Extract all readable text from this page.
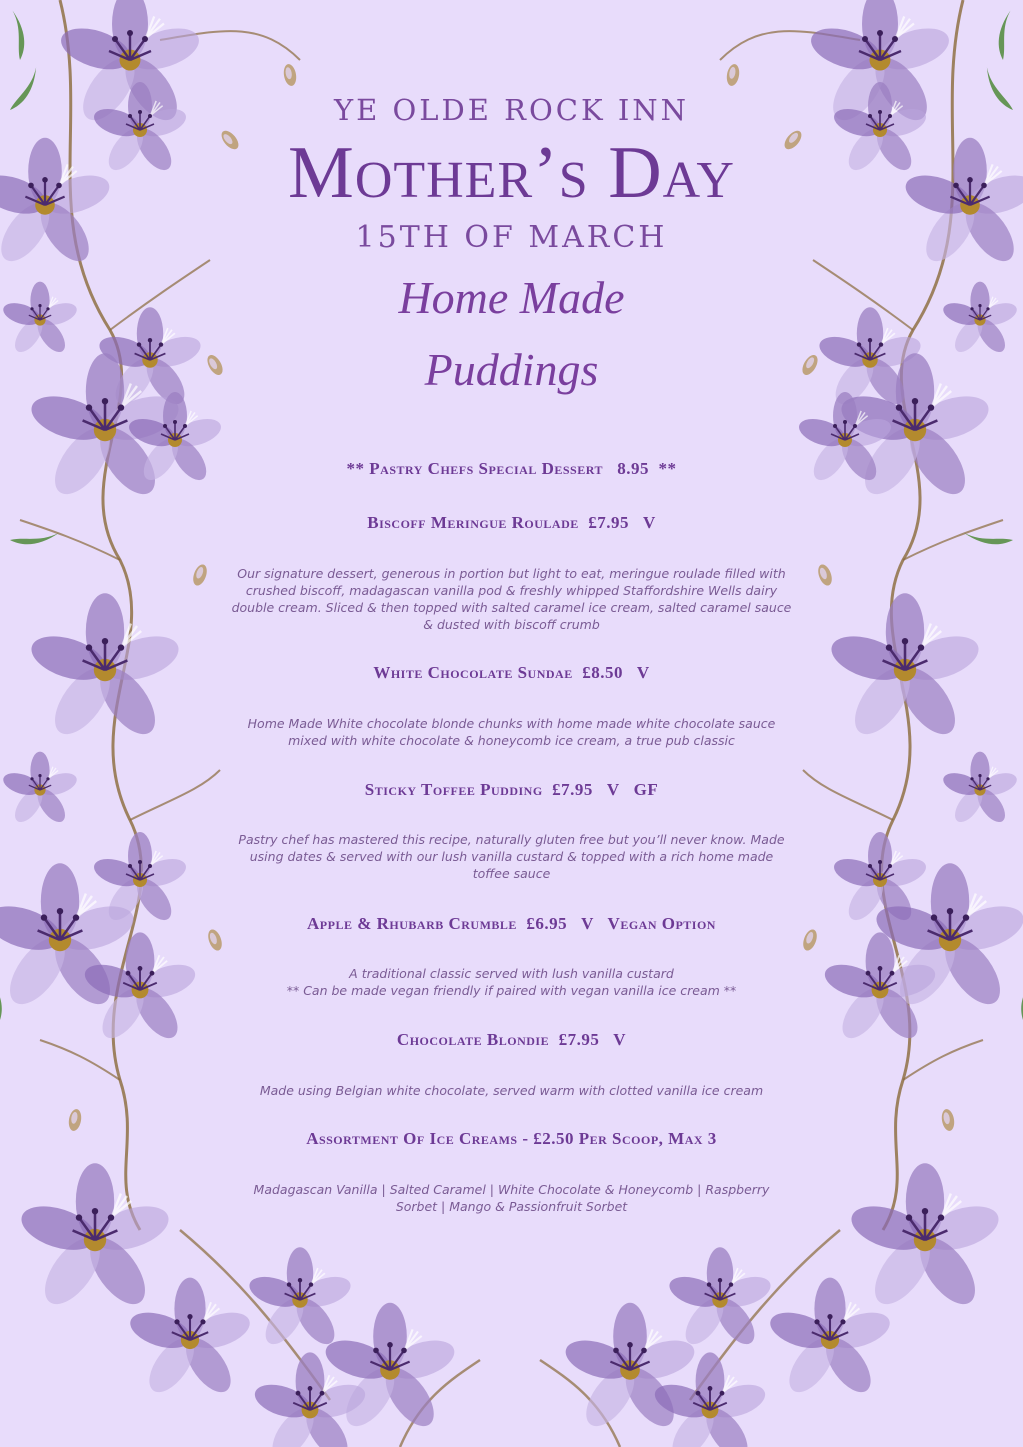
YE OLDE ROCK INN
Mother’s Day
15TH OF MARCH
Home Made
Puddings
** Pastry Chefs Special Dessert   8.95  **
Biscoff Meringue Roulade  £7.95   V
Our signature dessert, generous in portion but light to eat, meringue roulade filled with crushed biscoff, madagascan vanilla pod & freshly whipped Staffordshire Wells dairy double cream. Sliced & then topped with salted caramel ice cream, salted caramel sauce & dusted with biscoff crumb
White Chocolate Sundae  £8.50   V
Home Made White chocolate blonde chunks with home made white chocolate sauce mixed with white chocolate & honeycomb ice cream, a true pub classic
Sticky Toffee Pudding  £7.95   V   GF
Pastry chef has mastered this recipe, naturally gluten free but you’ll never know. Made using dates & served with our lush vanilla custard & topped with a rich home made toffee sauce
Apple & Rhubarb Crumble  £6.95   V   Vegan Option
A traditional classic served with lush vanilla custard
** Can be made vegan friendly if paired with vegan vanilla ice cream **
Chocolate Blondie  £7.95   V
Made using Belgian white chocolate, served warm with clotted vanilla ice cream
Assortment Of Ice Creams - £2.50 Per Scoop, Max 3
Madagascan Vanilla | Salted Caramel | White Chocolate & Honeycomb | Raspberry Sorbet | Mango & Passionfruit Sorbet
